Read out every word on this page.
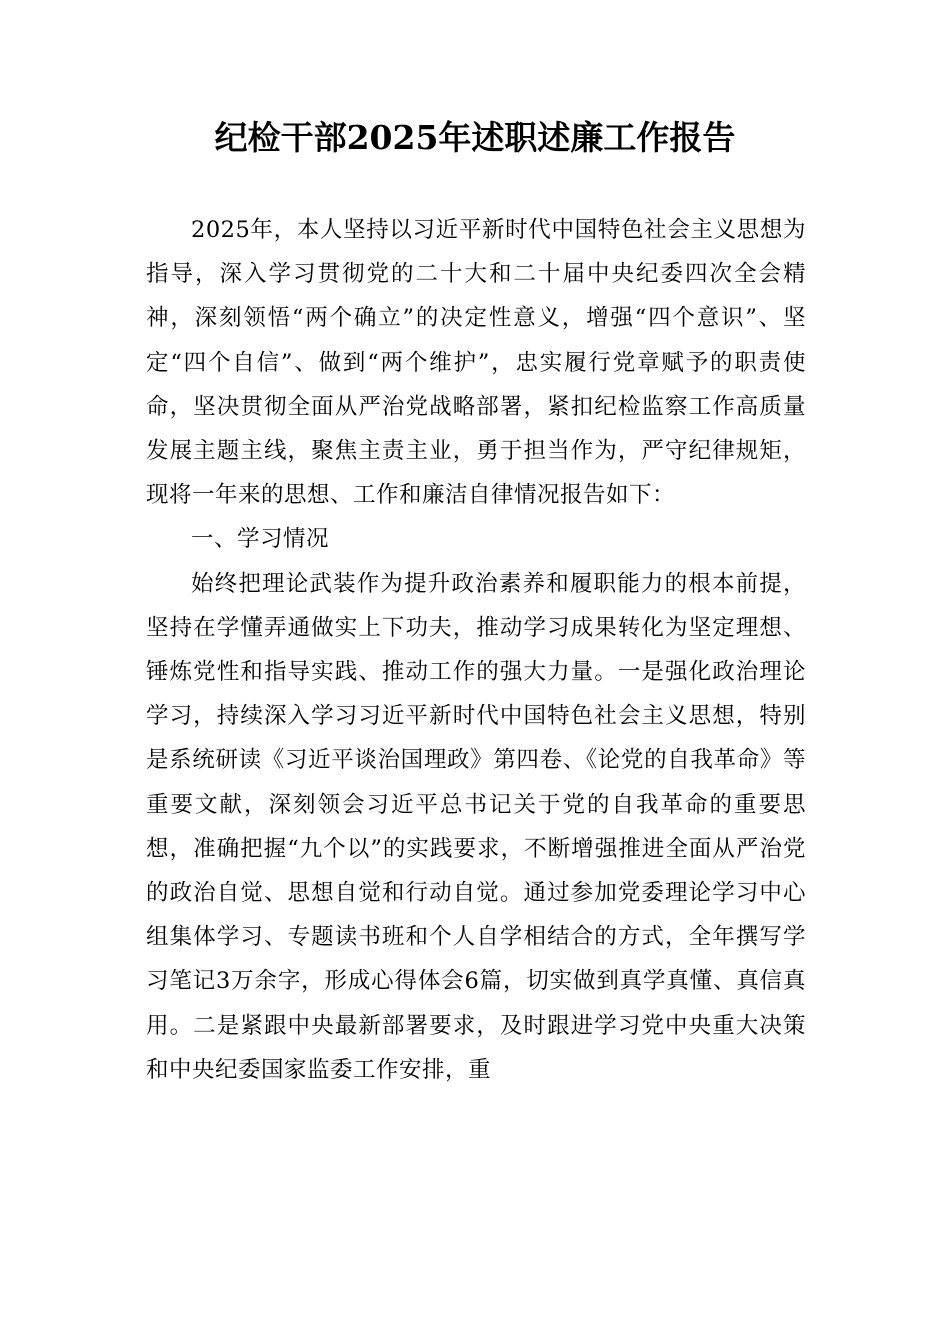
纪检干部2025年述职述廉工作报告

2025年，本人坚持以习近平新时代中国特色社会主义思想为指导，深入学习贯彻党的二十大和二十届中央纪委四次全会精神，深刻领悟“两个确立”的决定性意义，增强“四个意识”、坚定“四个自信”、做到“两个维护”，忠实履行党章赋予的职责使命，坚决贯彻全面从严治党战略部署，紧扣纪检监察工作高质量发展主题主线，聚焦主责主业，勇于担当作为，严守纪律规矩，现将一年来的思想、工作和廉洁自律情况报告如下：

一、学习情况

始终把理论武装作为提升政治素养和履职能力的根本前提，坚持在学懂弄通做实上下功夫，推动学习成果转化为坚定理想、锤炼党性和指导实践、推动工作的强大力量。一是强化政治理论学习，持续深入学习习近平新时代中国特色社会主义思想，特别是系统研读《习近平谈治国理政》第四卷、《论党的自我革命》等重要文献，深刻领会习近平总书记关于党的自我革命的重要思想，准确把握“九个以”的实践要求，不断增强推进全面从严治党的政治自觉、思想自觉和行动自觉。通过参加党委理论学习中心组集体学习、专题读书班和个人自学相结合的方式，全年撰写学习笔记3万余字，形成心得体会6篇，切实做到真学真懂、真信真用。二是紧跟中央最新部署要求，及时跟进学习党中央重大决策和中央纪委国家监委工作安排，重
